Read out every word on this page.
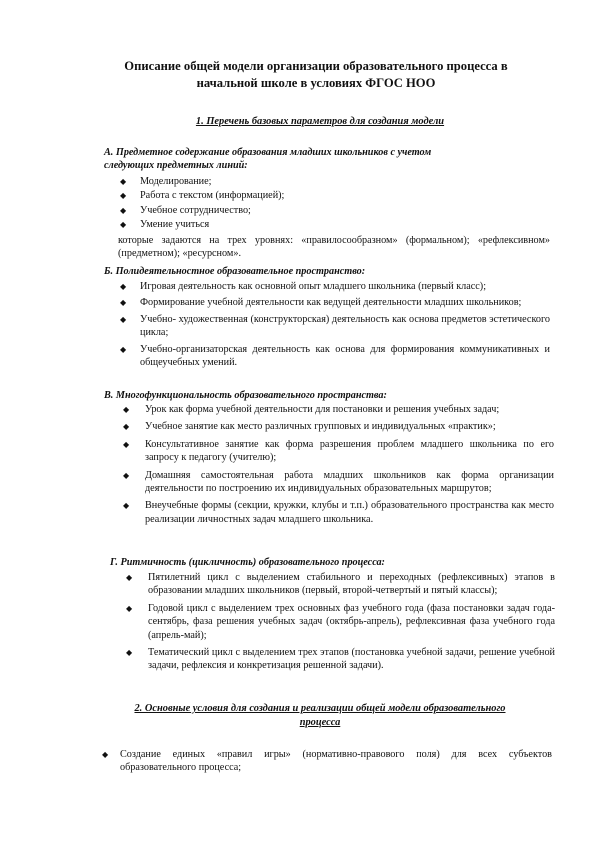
Описание общей модели организации образовательного процесса в
начальной школе в условиях ФГОС НОО
1. Перечень базовых параметров для создания модели
А. Предметное содержание образования младших школьников с учетом
следующих предметных линий:
◆ Моделирование;
◆ Работа с текстом (информацией);
◆ Учебное сотрудничество;
◆ Умение учиться
которые задаются на трех уровнях: «правилосообразном» (формальном); «рефлексивном» (предметном); «ресурсном».
Б. Полидеятельностное образовательное пространство:
◆ Игровая деятельность как основной опыт младшего школьника (первый класс);
◆ Формирование учебной деятельности как ведущей деятельности младших школьников;
◆ Учебно- художественная (конструкторская) деятельность как основа предметов эстетического цикла;
◆ Учебно-организаторская деятельность как основа для формирования коммуникативных и общеучебных умений.
В. Многофункциональность образовательного пространства:
◆ Урок как форма учебной деятельности для постановки и решения учебных задач;
◆ Учебное занятие как место различных групповых и индивидуальных «практик»;
◆ Консультативное занятие как форма разрешения проблем младшего школьника по его запросу к педагогу (учителю);
◆ Домашняя самостоятельная работа младших школьников как форма организации деятельности по построению их индивидуальных образовательных маршрутов;
◆ Внеучебные формы (секции, кружки, клубы и т.п.) образовательного пространства как место реализации личностных задач младшего школьника.
Г. Ритмичность (цикличность) образовательного процесса:
◆ Пятилетний цикл с выделением стабильного и переходных (рефлексивных) этапов в образовании младших школьников (первый, второй-четвертый и пятый классы);
◆ Годовой цикл с выделением трех основных фаз учебного года (фаза постановки задач года-сентябрь, фаза решения учебных задач (октябрь-апрель), рефлексивная фаза учебного года (апрель-май);
◆ Тематический цикл с выделением трех этапов (постановка учебной задачи, решение учебной задачи, рефлексия и конкретизация решенной задачи).
2. Основные условия для создания и реализации общей модели образовательного
процесса
◆ Создание единых «правил игры» (нормативно-правового поля) для всех субъектов образовательного процесса;
